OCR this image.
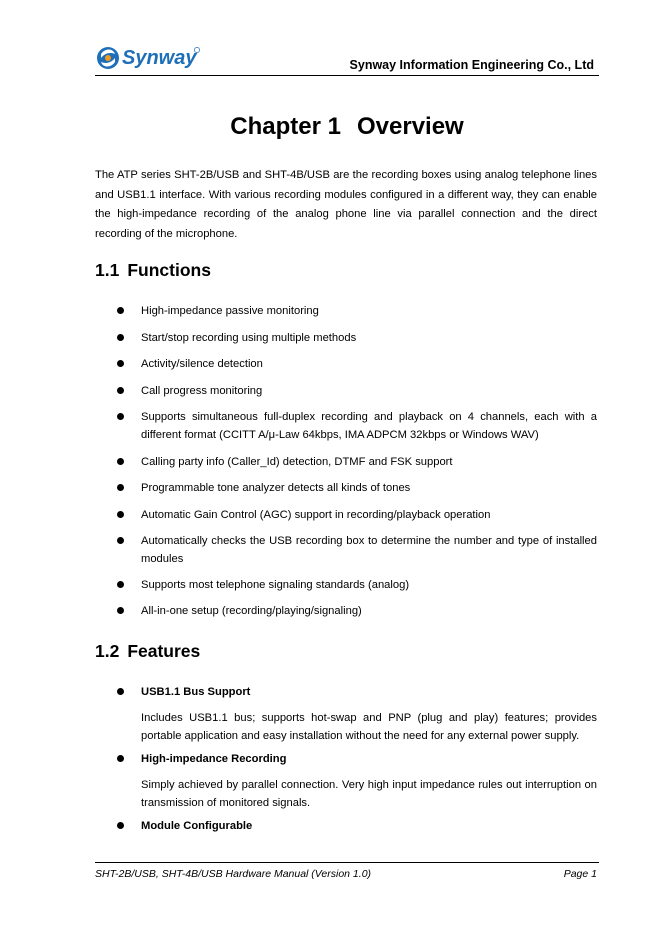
Synway	Synway Information Engineering Co., Ltd
Chapter 1 Overview

The ATP series SHT-2B/USB and SHT-4B/USB are the recording boxes using analog telephone lines and USB1.1 interface. With various recording modules configured in a different way, they can enable the high-impedance recording of the analog phone line via parallel connection and the direct recording of the microphone.

1.1 Functions
High-impedance passive monitoring
Start/stop recording using multiple methods
Activity/silence detection
Call progress monitoring
Supports simultaneous full-duplex recording and playback on 4 channels, each with a different format (CCITT A/μ-Law 64kbps, IMA ADPCM 32kbps or Windows WAV)
Calling party info (Caller_Id) detection, DTMF and FSK support
Programmable tone analyzer detects all kinds of tones
Automatic Gain Control (AGC) support in recording/playback operation
Automatically checks the USB recording box to determine the number and type of installed modules
Supports most telephone signaling standards (analog)
All-in-one setup (recording/playing/signaling)
1.2 Features
USB1.1 Bus Support
Includes USB1.1 bus; supports hot-swap and PNP (plug and play) features; provides portable application and easy installation without the need for any external power supply.
High-impedance Recording
Simply achieved by parallel connection. Very high input impedance rules out interruption on transmission of monitored signals.
Module Configurable
SHT-2B/USB, SHT-4B/USB Hardware Manual (Version 1.0)	Page 1
